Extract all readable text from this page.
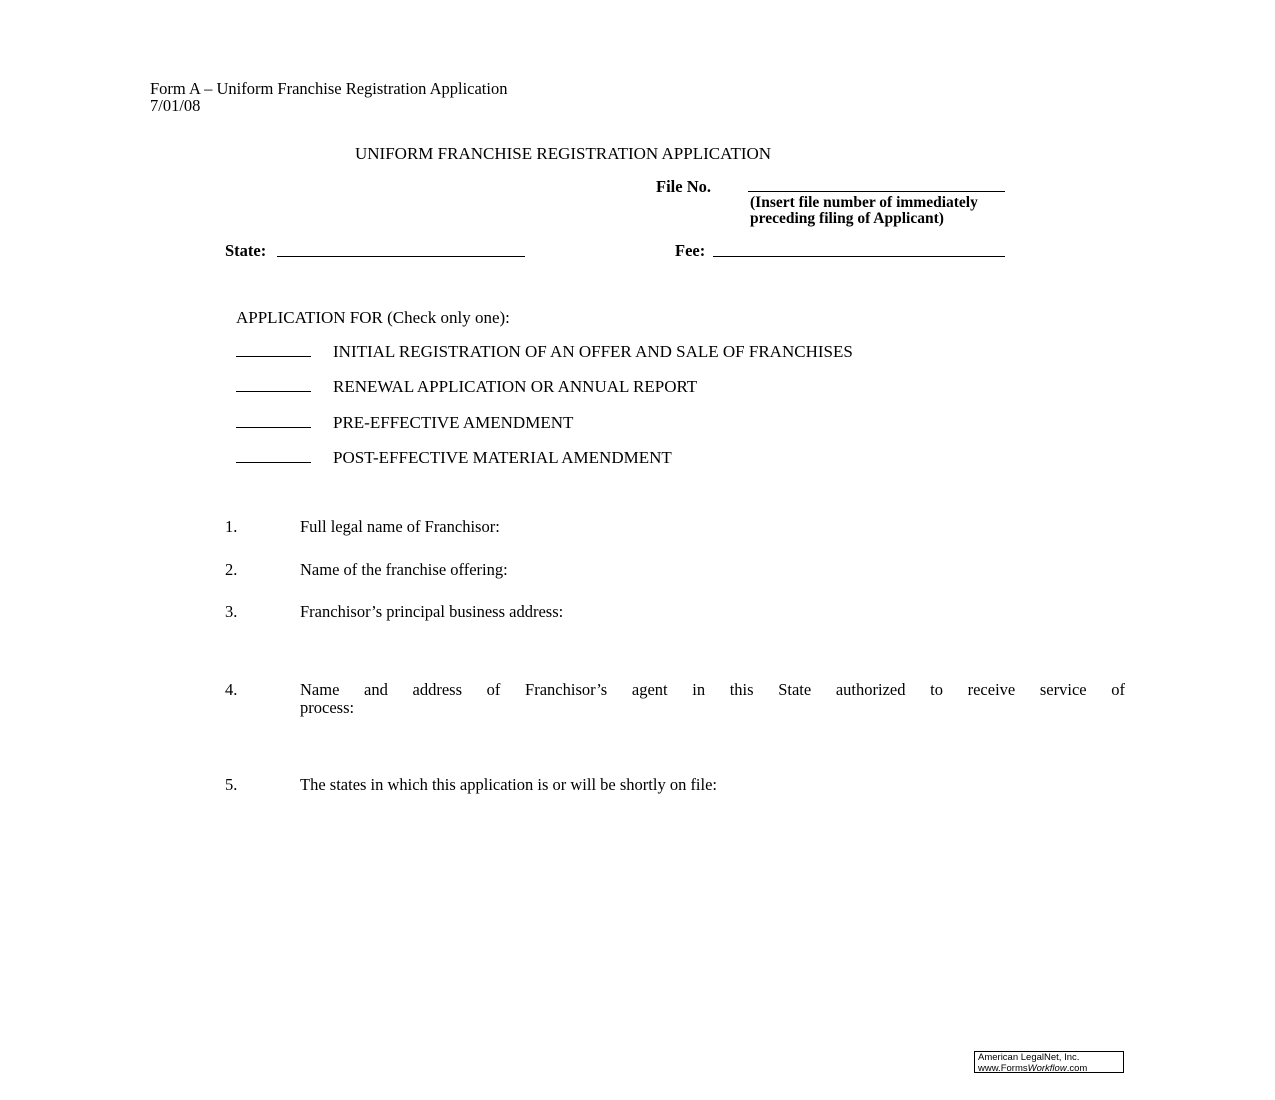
Form A – Uniform Franchise Registration Application
7/01/08
UNIFORM FRANCHISE REGISTRATION APPLICATION
File No.
(Insert file number of immediately
preceding filing of Applicant)
State:	Fee:
APPLICATION FOR (Check only one):
INITIAL REGISTRATION OF AN OFFER AND SALE OF FRANCHISES
RENEWAL APPLICATION OR ANNUAL REPORT
PRE-EFFECTIVE AMENDMENT
POST-EFFECTIVE MATERIAL AMENDMENT
1.	Full legal name of Franchisor:
2.	Name of the franchise offering:
3.	Franchisor’s principal business address:
4.	Name and address of Franchisor’s agent in this State authorized to receive service of
process:
5.	The states in which this application is or will be shortly on file:
American LegalNet, Inc.
www.FormsWorkflow.com
